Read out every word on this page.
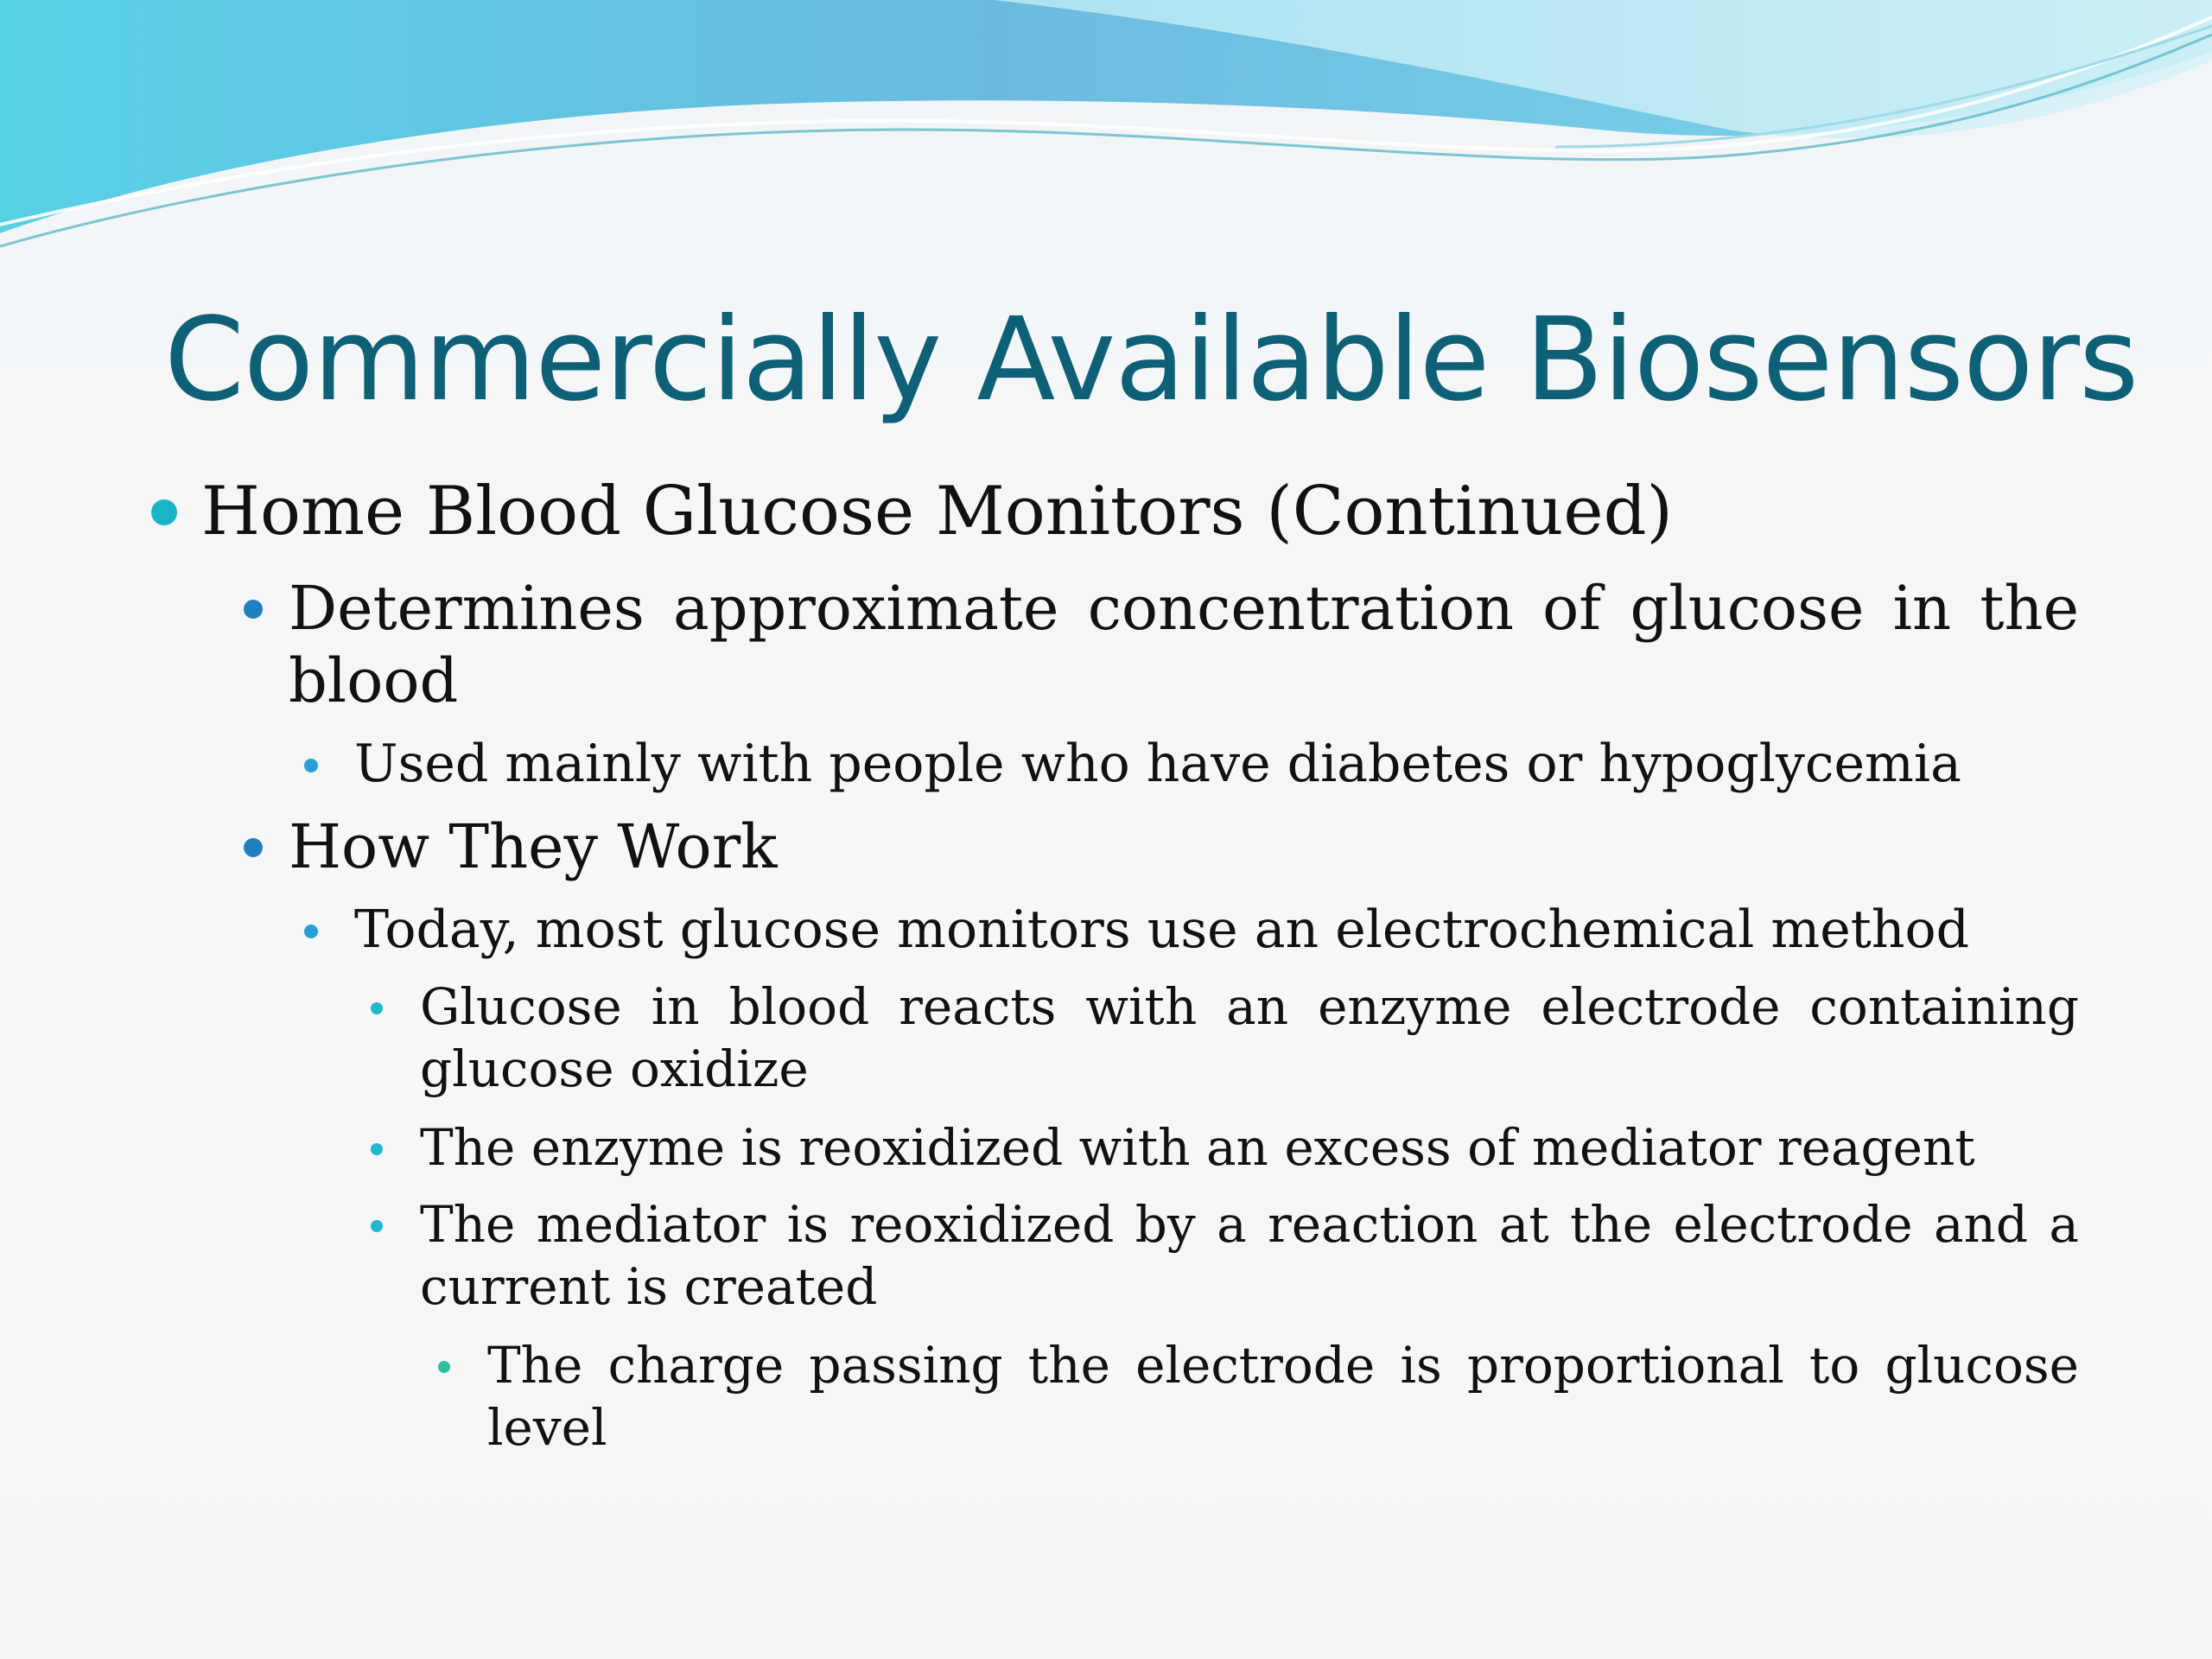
Commercially Available Biosensors
Home Blood Glucose Monitors (Continued)
Determines approximate concentration of glucose in the blood
Used mainly with people who have diabetes or hypoglycemia
How They Work
Today, most glucose monitors use an electrochemical method
Glucose in blood reacts with an enzyme electrode containing glucose oxidize
The enzyme is reoxidized with an excess of mediator reagent
The mediator is reoxidized by a reaction at the electrode and a current is created
The charge passing the electrode is proportional to glucose level
